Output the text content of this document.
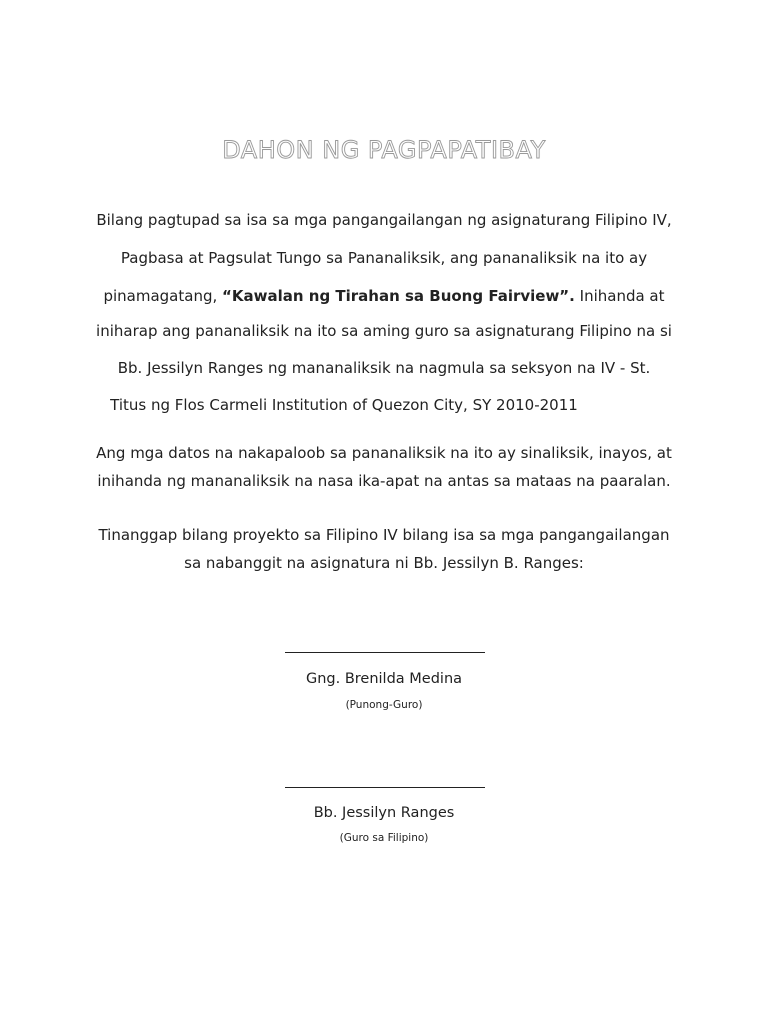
DAHON NG PAGPAPATIBAY
Bilang pagtupad sa isa sa mga pangangailangan ng asignaturang Filipino IV,
Pagbasa at Pagsulat Tungo sa Pananaliksik, ang pananaliksik na ito ay
pinamagatang, “Kawalan ng Tirahan sa Buong Fairview”. Inihanda at
iniharap ang pananaliksik na ito sa aming guro sa asignaturang Filipino na si
Bb. Jessilyn Ranges ng mananaliksik na nagmula sa seksyon na IV - St.
Titus ng Flos Carmeli Institution of Quezon City, SY 2010-2011
Ang mga datos na nakapaloob sa pananaliksik na ito ay sinaliksik, inayos, at
inihanda ng mananaliksik na nasa ika-apat na antas sa mataas na paaralan.
Tinanggap bilang proyekto sa Filipino IV bilang isa sa mga pangangailangan
sa nabanggit na asignatura ni Bb. Jessilyn B. Ranges:
Gng. Brenilda Medina
(Punong-Guro)
Bb. Jessilyn Ranges
(Guro sa Filipino)
